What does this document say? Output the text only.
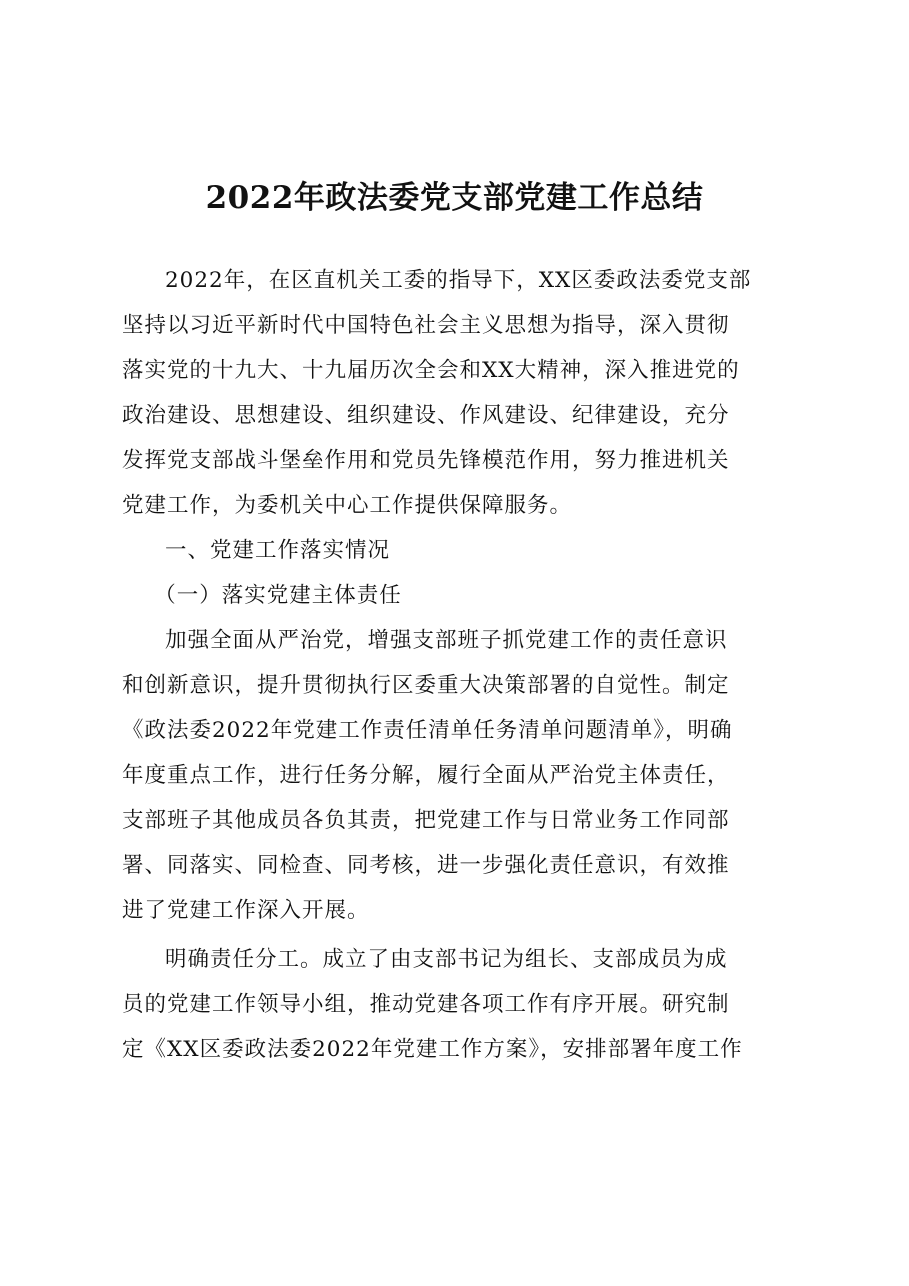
2022年政法委党支部党建工作总结

2022年，在区直机关工委的指导下，XX区委政法委党支部
坚持以习近平新时代中国特色社会主义思想为指导，深入贯彻
落实党的十九大、十九届历次全会和XX大精神，深入推进党的
政治建设、思想建设、组织建设、作风建设、纪律建设，充分
发挥党支部战斗堡垒作用和党员先锋模范作用，努力推进机关
党建工作，为委机关中心工作提供保障服务。

一、党建工作落实情况

（一）落实党建主体责任

加强全面从严治党，增强支部班子抓党建工作的责任意识
和创新意识，提升贯彻执行区委重大决策部署的自觉性。制定
《政法委2022年党建工作责任清单任务清单问题清单》，明确
年度重点工作，进行任务分解，履行全面从严治党主体责任，
支部班子其他成员各负其责，把党建工作与日常业务工作同部
署、同落实、同检查、同考核，进一步强化责任意识，有效推
进了党建工作深入开展。

明确责任分工。成立了由支部书记为组长、支部成员为成
员的党建工作领导小组，推动党建各项工作有序开展。研究制
定《XX区委政法委2022年党建工作方案》，安排部署年度工作
